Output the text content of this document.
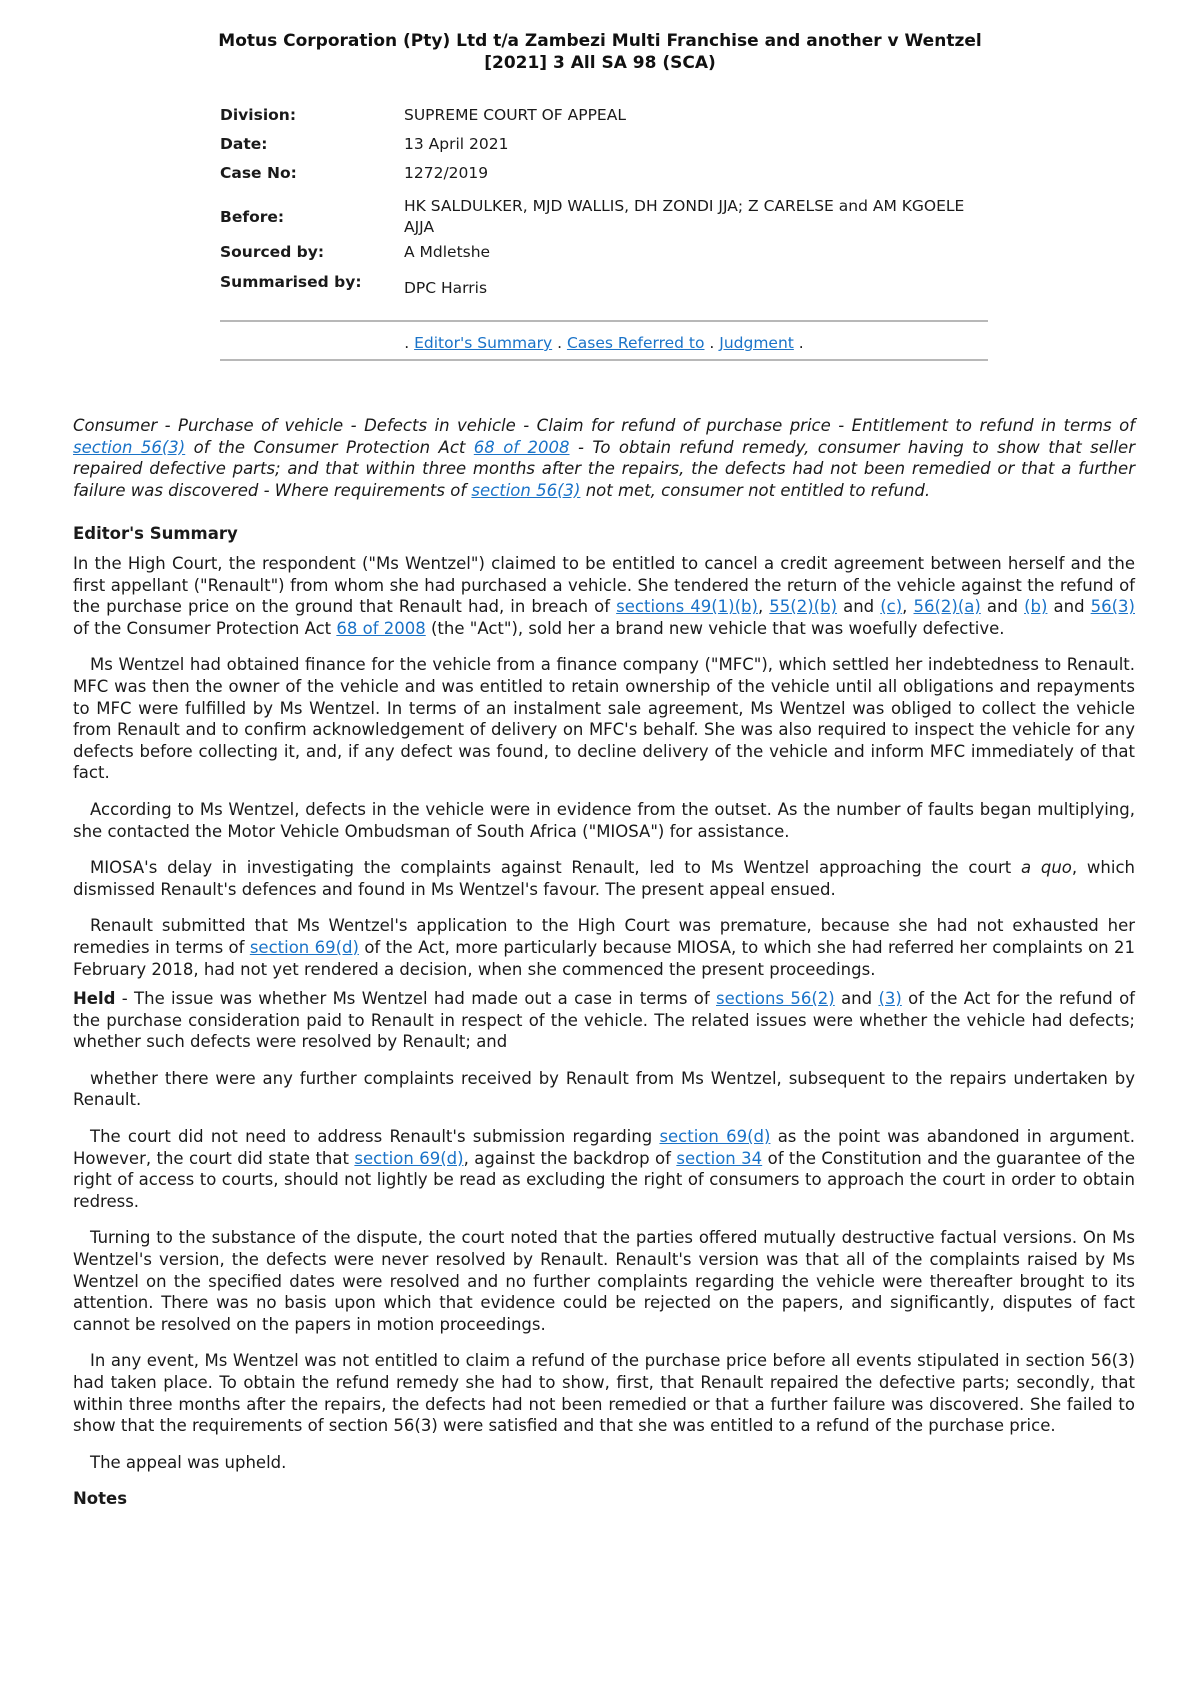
Motus Corporation (Pty) Ltd t/a Zambezi Multi Franchise and another v Wentzel
[2021] 3 All SA 98 (SCA)
Division:	SUPREME COURT OF APPEAL
Date:	13 April 2021
Case No:	1272/2019
Before:
HK SALDULKER, MJD WALLIS, DH ZONDI JJA; Z CARELSE and AM KGOELE AJJA
Sourced by:	A Mdletshe
Summarised by:	DPC Harris
. Editor's Summary . Cases Referred to . Judgment .
Consumer - Purchase of vehicle - Defects in vehicle - Claim for refund of purchase price - Entitlement to refund in terms of section 56(3) of the Consumer Protection Act 68 of 2008 - To obtain refund remedy, consumer having to show that seller repaired defective parts; and that within three months after the repairs, the defects had not been remedied or that a further failure was discovered - Where requirements of section 56(3) not met, consumer not entitled to refund.
Editor's Summary

In the High Court, the respondent ("Ms Wentzel") claimed to be entitled to cancel a credit agreement between herself and the first appellant ("Renault") from whom she had purchased a vehicle. She tendered the return of the vehicle against the refund of the purchase price on the ground that Renault had, in breach of sections 49(1)(b), 55(2)(b) and (c), 56(2)(a) and (b) and 56(3) of the Consumer Protection Act 68 of 2008 (the "Act"), sold her a brand new vehicle that was woefully defective.

Ms Wentzel had obtained finance for the vehicle from a finance company ("MFC"), which settled her indebtedness to Renault. MFC was then the owner of the vehicle and was entitled to retain ownership of the vehicle until all obligations and repayments to MFC were fulfilled by Ms Wentzel. In terms of an instalment sale agreement, Ms Wentzel was obliged to collect the vehicle from Renault and to confirm acknowledgement of delivery on MFC's behalf. She was also required to inspect the vehicle for any defects before collecting it, and, if any defect was found, to decline delivery of the vehicle and inform MFC immediately of that fact.

According to Ms Wentzel, defects in the vehicle were in evidence from the outset. As the number of faults began multiplying, she contacted the Motor Vehicle Ombudsman of South Africa ("MIOSA") for assistance.

MIOSA's delay in investigating the complaints against Renault, led to Ms Wentzel approaching the court a quo, which dismissed Renault's defences and found in Ms Wentzel's favour. The present appeal ensued.

Renault submitted that Ms Wentzel's application to the High Court was premature, because she had not exhausted her remedies in terms of section 69(d) of the Act, more particularly because MIOSA, to which she had referred her complaints on 21 February 2018, had not yet rendered a decision, when she commenced the present proceedings.

Held - The issue was whether Ms Wentzel had made out a case in terms of sections 56(2) and (3) of the Act for the refund of the purchase consideration paid to Renault in respect of the vehicle. The related issues were whether the vehicle had defects; whether such defects were resolved by Renault; and

whether there were any further complaints received by Renault from Ms Wentzel, subsequent to the repairs undertaken by Renault.

The court did not need to address Renault's submission regarding section 69(d) as the point was abandoned in argument. However, the court did state that section 69(d), against the backdrop of section 34 of the Constitution and the guarantee of the right of access to courts, should not lightly be read as excluding the right of consumers to approach the court in order to obtain redress.

Turning to the substance of the dispute, the court noted that the parties offered mutually destructive factual versions. On Ms Wentzel's version, the defects were never resolved by Renault. Renault's version was that all of the complaints raised by Ms Wentzel on the specified dates were resolved and no further complaints regarding the vehicle were thereafter brought to its attention. There was no basis upon which that evidence could be rejected on the papers, and significantly, disputes of fact cannot be resolved on the papers in motion proceedings.

In any event, Ms Wentzel was not entitled to claim a refund of the purchase price before all events stipulated in section 56(3) had taken place. To obtain the refund remedy she had to show, first, that Renault repaired the defective parts; secondly, that within three months after the repairs, the defects had not been remedied or that a further failure was discovered. She failed to show that the requirements of section 56(3) were satisfied and that she was entitled to a refund of the purchase price.

The appeal was upheld.

Notes
